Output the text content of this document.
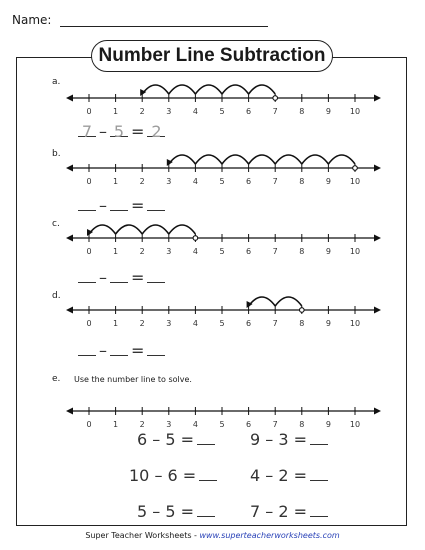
Name:
Number Line Subtraction
a.
0	1	2	3	4	5	6	7	8	9 10
7 – 5 = 2
b.
0	1	2	3	4	5	6	7	8	9 10
– =
c.
0	1	2	3	4	5	6	7	8	9 10
– =
d.
0	1	2	3	4	5	6	7	8	9 10
– =
e. Use the number line to solve.
0	1	2	3	4	5	6	7	8	9 10
6 – 5 =	9 – 3 =
10 – 6 =	4 – 2 =
5 – 5 =	7 – 2 =
Super Teacher Worksheets - www.superteacherworksheets.com
